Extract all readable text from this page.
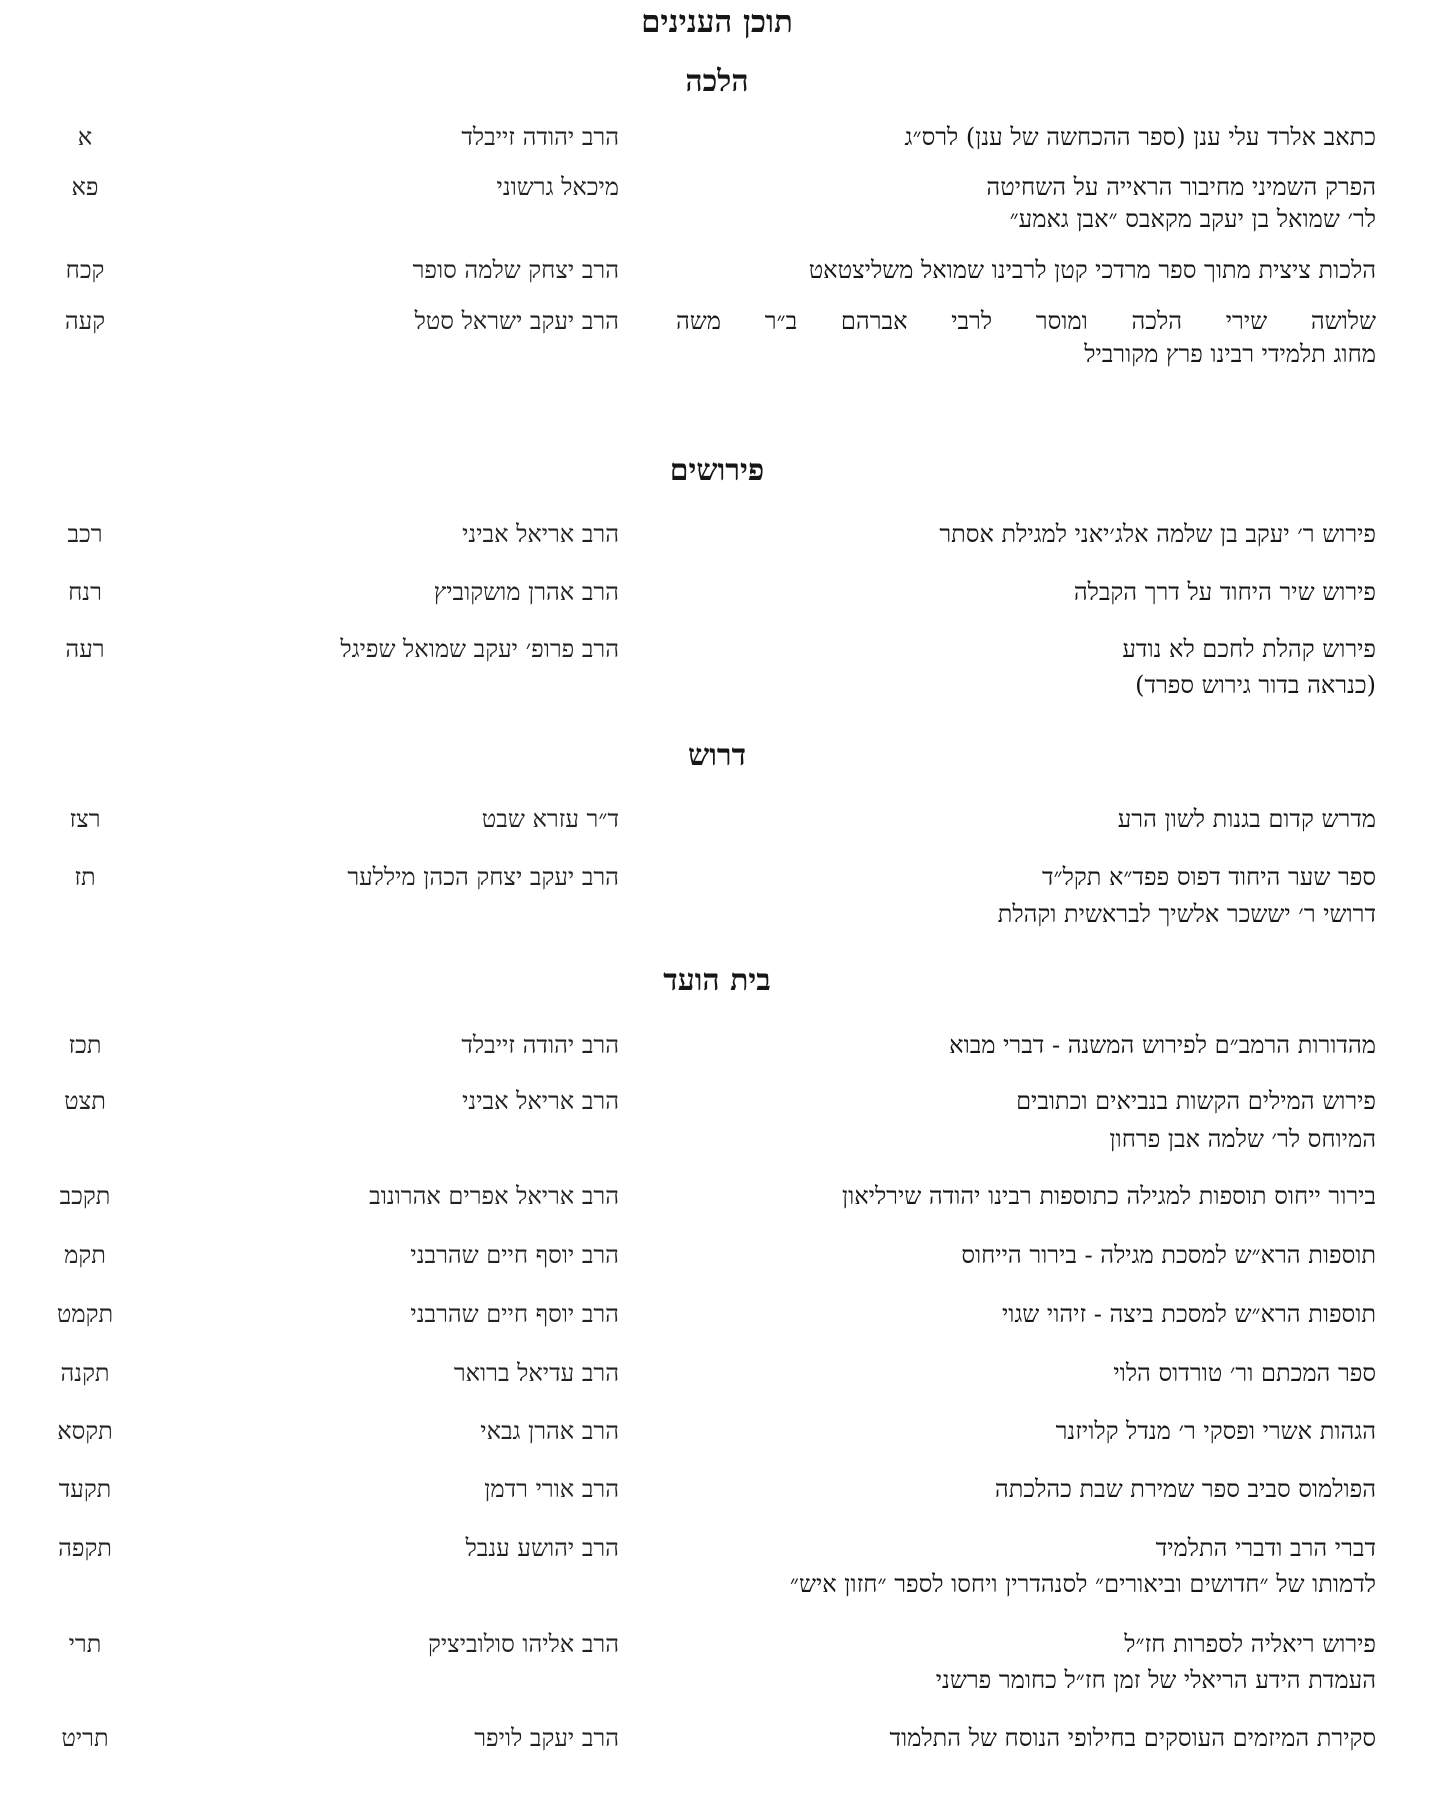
תוכן הענינים
הלכה
כתאב אלרד עלי ענן (ספר ההכחשה של ענן) לרס״ג
הרב יהודה זייבלד
א
הפרק השמיני מחיבור הראייה על השחיטה
לר׳ שמואל בן יעקב מקאבס ״אבן גאמע״
מיכאל גרשוני
פא
הלכות ציצית מתוך ספר מרדכי קטן לרבינו שמואל משליצטאט
הרב יצחק שלמה סופר
קכח
שלושה שירי הלכה ומוסר לרבי אברהם ב״ר משה
מחוג תלמידי רבינו פרץ מקורביל
הרב יעקב ישראל סטל
קעה
פירושים
פירוש ר׳ יעקב בן שלמה אלג׳יאני למגילת אסתר
הרב אריאל אביני
רכב
פירוש שיר היחוד על דרך הקבלה
הרב אהרן מושקוביץ
רנח
פירוש קהלת לחכם לא נודע
(כנראה בדור גירוש ספרד)
הרב פרופ׳ יעקב שמואל שפיגל
רעה
דרוש
מדרש קדום בגנות לשון הרע
ד״ר עזרא שבט
רצז
ספר שער היחוד דפוס פפד״א תקל״ד
דרושי ר׳ יששכר אלשיך לבראשית וקהלת
הרב יעקב יצחק הכהן מיללער
תז
בית הועד
מהדורות הרמב״ם לפירוש המשנה - דברי מבוא
הרב יהודה זייבלד
תכז
פירוש המילים הקשות בנביאים וכתובים
המיוחס לר׳ שלמה אבן פרחון
הרב אריאל אביני
תצט
בירור ייחוס תוספות למגילה כתוספות רבינו יהודה שירליאון
הרב אריאל אפרים אהרונוב
תקכב
תוספות הרא״ש למסכת מגילה - בירור הייחוס
הרב יוסף חיים שהרבני
תקמ
תוספות הרא״ש למסכת ביצה - זיהוי שגוי
הרב יוסף חיים שהרבני
תקמט
ספר המכתם ור׳ טורדוס הלוי
הרב עדיאל ברואר
תקנה
הגהות אשרי ופסקי ר׳ מנדל קלויזנר
הרב אהרן גבאי
תקסא
הפולמוס סביב ספר שמירת שבת כהלכתה
הרב אורי רדמן
תקעד
דברי הרב ודברי התלמיד
לדמותו של ״חדושים וביאורים״ לסנהדרין ויחסו לספר ״חזון איש״
הרב יהושע ענבל
תקפה
פירוש ריאליה לספרות חז״ל
העמדת הידע הריאלי של זמן חז״ל כחומר פרשני
הרב אליהו סולוביציק
תרי
סקירת המיזמים העוסקים בחילופי הנוסח של התלמוד
הרב יעקב לויפר
תריט
